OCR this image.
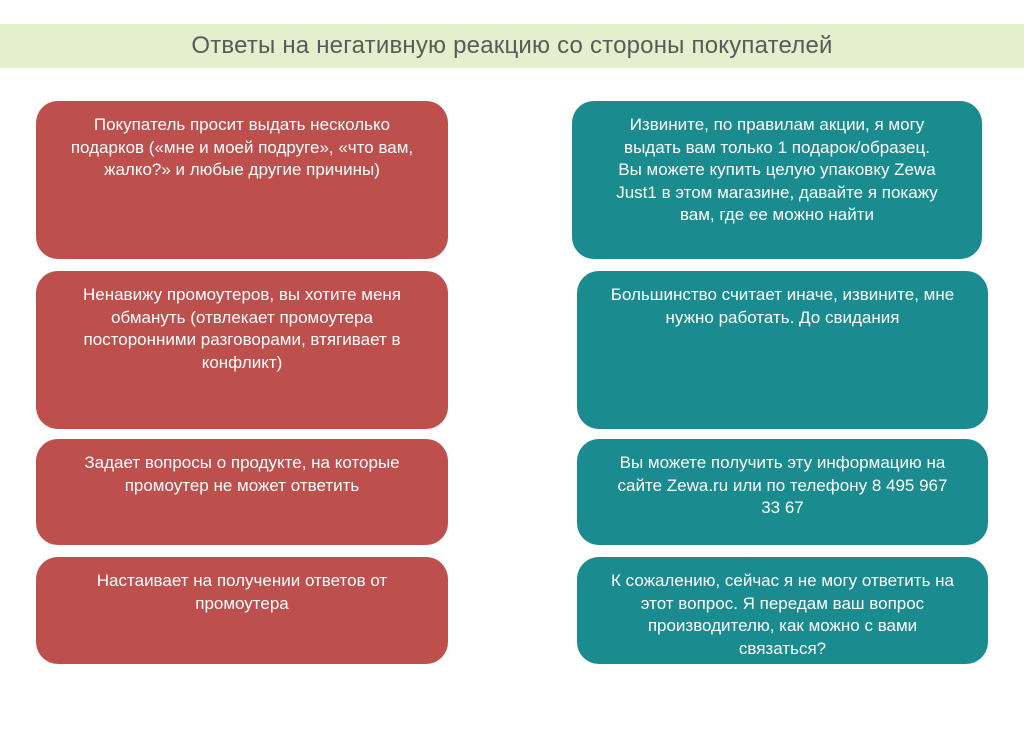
Ответы на негативную реакцию со стороны покупателей
Покупатель просит выдать несколько
подарков («мне и моей подруге», «что вам,
жалко?» и любые другие причины)
Ненавижу промоутеров, вы хотите меня
обмануть (отвлекает промоутера
посторонними разговорами, втягивает в
конфликт)
Задает вопросы о продукте, на которые
промоутер не может ответить
Настаивает на получении ответов от
промоутера
Извините, по правилам акции, я могу
выдать вам только 1 подарок/образец.
Вы можете купить целую упаковку Zewa
Just1 в этом магазине, давайте я покажу
вам, где ее можно найти
Большинство считает иначе, извините, мне
нужно работать. До свидания
Вы можете получить эту информацию на
сайте Zewa.ru или по телефону 8 495 967
33 67
К сожалению, сейчас я не могу ответить на
этот вопрос. Я передам ваш вопрос
производителю, как можно с вами
связаться?
